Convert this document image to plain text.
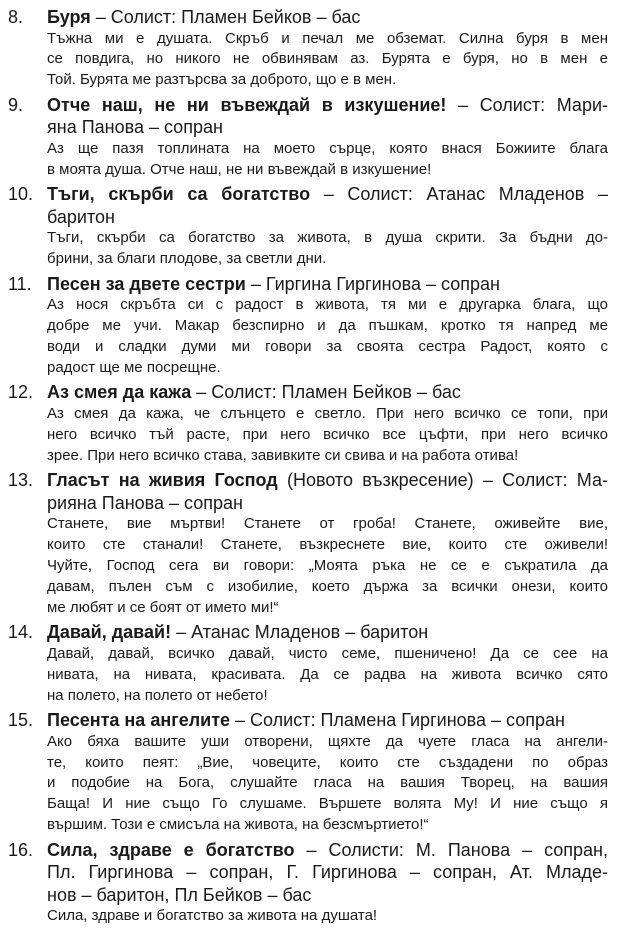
8. Буря – Солист: Пламен Бейков – бас
Тъжна ми е душата. Скръб и печал ме обземат. Силна буря в мен
се повдига, но никого не обвинявам аз. Бурята е буря, но в мен е
Той. Бурята ме разтърсва за доброто, що е в мен.
9. Отче наш, не ни въвеждай в изкушение! – Солист: Мари-
яна Панова – сопран
Аз ще пазя топлината на моето сърце, която внася Божиите блага
в моята душа. Отче наш, не ни въвеждай в изкушение!
10. Тъги, скърби са богатство – Солист: Атанас Младенов –
баритон
Тъги, скърби са богатство за живота, в душа скрити. За бъдни до-
брини, за благи плодове, за светли дни.
11. Песен за двете сестри – Гиргина Гиргинова – сопран
Аз нося скръбта си с радост в живота, тя ми е другарка блага, що
добре ме учи. Макар безспирно и да пъшкам, кротко тя напред ме
води и сладки думи ми говори за своята сестра Радост, която с
радост ще ме посрещне.
12. Аз смея да кажа – Солист: Пламен Бейков – бас
Аз смея да кажа, че слънцето е светло. При него всичко се топи, при
него всичко тъй расте, при него всичко все цъфти, при него всичко
зрее. При него всичко става, завивките си свива и на работа отива!
13. Гласът на живия Господ (Новото възкресение) – Солист: Ма-
рияна Панова – сопран
Станете, вие мъртви! Станете от гроба! Станете, оживейте вие,
които сте станали! Станете, възкреснете вие, които сте оживели!
Чуйте, Господ сега ви говори: „Моята ръка не се е съкратила да
давам, пълен съм с изобилие, което държа за всички онези, които
ме любят и се боят от името ми!“
14. Давай, давай! – Атанас Младенов – баритон
Давай, давай, всичко давай, чисто семе, пшеничено! Да се сее на
нивата, на нивата, красивата. Да се радва на живота всичко сято
на полето, на полето от небето!
15. Песента на ангелите – Солист: Пламена Гиргинова – сопран
Ако бяха вашите уши отворени, щяхте да чуете гласа на ангели-
те, които пеят: „Вие, човеците, които сте създадени по образ
и подобие на Бога, слушайте гласа на вашия Творец, на вашия
Баща! И ние също Го слушаме. Вършете волята Му! И ние също я
вършим. Този е смисъла на живота, на безсмъртието!“
16. Сила, здраве е богатство – Солисти: М. Панова – сопран,
Пл. Гиргинова – сопран, Г. Гиргинова – сопран, Ат. Младе-
нов – баритон, Пл Бейков – бас
Сила, здраве и богатство за живота на душата!
